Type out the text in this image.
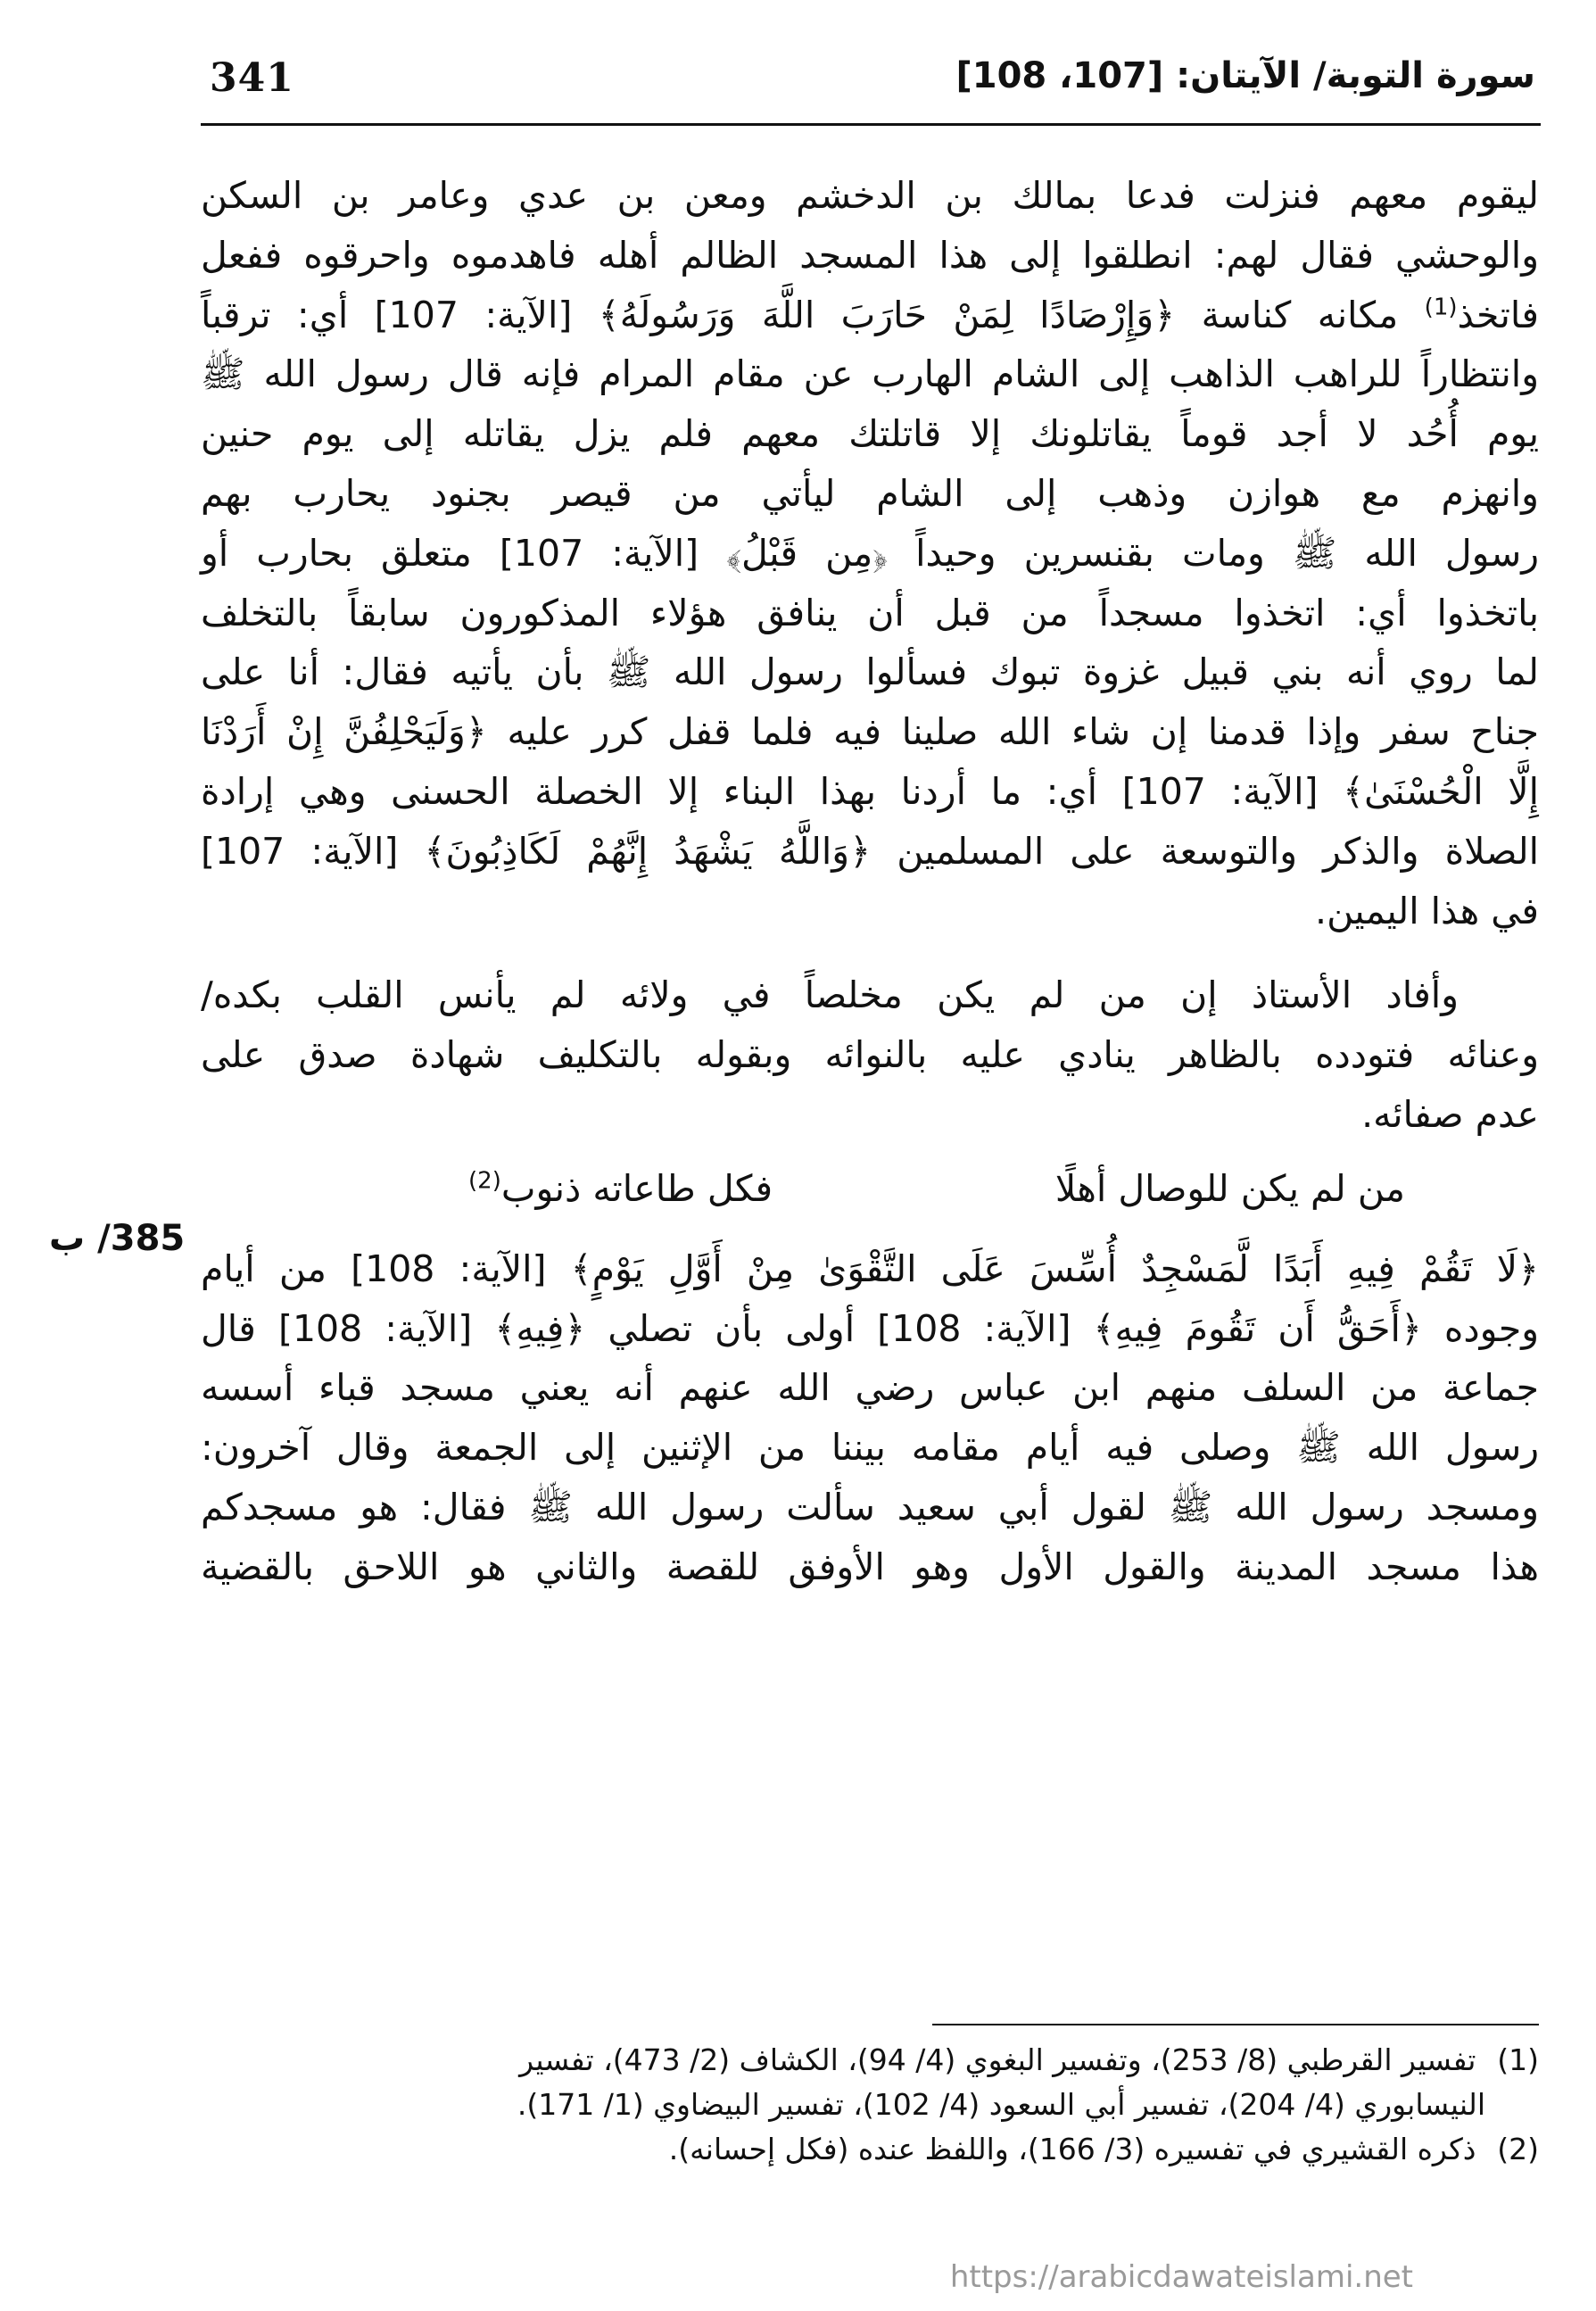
341	سورة التوبة/ الآيتان: [107، 108]
385/ ب
ليقوم معهم فنزلت فدعا بمالك بن الدخشم ومعن بن عدي وعامر بن السكن
والوحشي فقال لهم: انطلقوا إلى هذا المسجد الظالم أهله فاهدموه واحرقوه ففعل
فاتخذ$^{(1)}$ مكانه كناسة ﴿وَإِرْصَادًا لِمَنْ حَارَبَ اللَّهَ وَرَسُولَهُ﴾ [الآية: 107] أي: ترقباً
وانتظاراً للراهب الذاهب إلى الشام الهارب عن مقام المرام فإنه قال رسول الله ﷺ
يوم أُحُد لا أجد قوماً يقاتلونك إلا قاتلتك معهم فلم يزل يقاتله إلى يوم حنين
وانهزم مع هوازن وذهب إلى الشام ليأتي من قيصر بجنود يحارب بهم
رسول الله ﷺ ومات بقنسرين وحيداً ﴿مِن قَبْلُ﴾ [الآية: 107] متعلق بحارب أو
باتخذوا أي: اتخذوا مسجداً من قبل أن ينافق هؤلاء المذكورون سابقاً بالتخلف
لما روي أنه بني قبيل غزوة تبوك فسألوا رسول الله ﷺ بأن يأتيه فقال: أنا على
جناح سفر وإذا قدمنا إن شاء الله صلينا فيه فلما قفل كرر عليه ﴿وَلَيَحْلِفُنَّ إِنْ أَرَدْنَا
إِلَّا الْحُسْنَىٰ﴾ [الآية: 107] أي: ما أردنا بهذا البناء إلا الخصلة الحسنى وهي إرادة
الصلاة والذكر والتوسعة على المسلمين ﴿وَاللَّهُ يَشْهَدُ إِنَّهُمْ لَكَاذِبُونَ﴾ [الآية: 107]
في هذا اليمين.
وأفاد الأستاذ إن من لم يكن مخلصاً في ولائه لم يأنس القلب بكده/
وعنائه فتودده بالظاهر ينادي عليه بالنوائه وبقوله بالتكليف شهادة صدق على
عدم صفائه.
من لم يكن للوصال أهلًا
فكل طاعاته ذنوب$^{(2)}$
﴿لَا تَقُمْ فِيهِ أَبَدًا لَّمَسْجِدٌ أُسِّسَ عَلَى التَّقْوَىٰ مِنْ أَوَّلِ يَوْمٍ﴾ [الآية: 108] من أيام
وجوده ﴿أَحَقُّ أَن تَقُومَ فِيهِ﴾ [الآية: 108] أولى بأن تصلي ﴿فِيهِ﴾ [الآية: 108] قال
جماعة من السلف منهم ابن عباس رضي الله عنهم أنه يعني مسجد قباء أسسه
رسول الله ﷺ وصلى فيه أيام مقامه بيننا من الإثنين إلى الجمعة وقال آخرون:
ومسجد رسول الله ﷺ لقول أبي سعيد سألت رسول الله ﷺ فقال: هو مسجدكم
هذا مسجد المدينة والقول الأول وهو الأوفق للقصة والثاني هو اللاحق بالقضية
(1) تفسير القرطبي (8/ 253)، وتفسير البغوي (4/ 94)، الكشاف (2/ 473)، تفسير
النيسابوري (4/ 204)، تفسير أبي السعود (4/ 102)، تفسير البيضاوي (1/ 171).
(2) ذكره القشيري في تفسيره (3/ 166)، واللفظ عنده (فكل إحسانه).
https://arabicdawateislami.net
